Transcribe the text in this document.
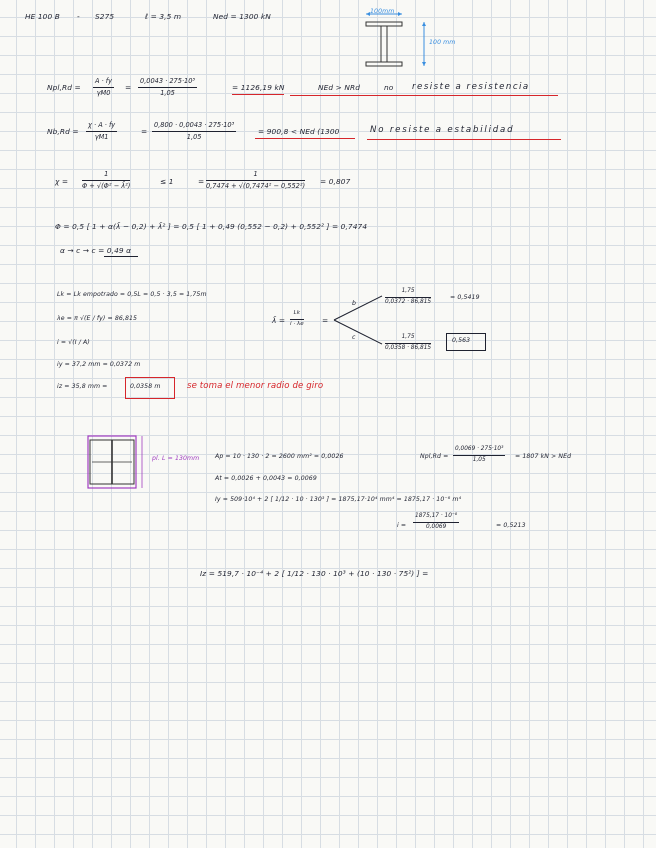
HE 100 B - S275	ℓ = 3,5 m	Ned = 1300 kN
100mm
100 mm
$Npl,Rd = \frac{A \cdot fy}{\gamma M0} = \frac{\text{0,0043 · 275·10³}}{1,05}$	= 1126,19 kN	NEd > NRd	no resiste a resistencia
$Nb,Rd = \frac{\chi \cdot A \cdot fy}{\gamma M1}$	= $\frac{\text{0,800 · 0,0043 · 275·10³}}{1,05}$	= 900,8 < NEd (1300	No resiste a estabilidad
$\chi = \frac{1}{\text{Φ + √(Φ² − λ̄²)}}$	≤ 1	= $\frac{1}{\text{0,7474 + √(0,7474² − 0,552²)}} = 0,807$
Φ = 0,5 [ 1 + α(λ̄ − 0,2) + λ̄² ] = 0,5 [ 1 + 0,49 (0,552 − 0,2) + 0,552² ] = 0,7474
α → c → c = 0,49 α
Lk = Lk empotrado = 0,5L = 0,5 · 3,5 = 1,75m
λe = π √(E / fy) = 86,815
i = √(I / A)
iy = 37,2 mm = 0,0372 m
iz = 35,8 mm =	0,0358 m	se toma el menor radio de giro
λ̄ = $\frac{Lk}{i \cdot \lambda e}$ =
b
c
$\frac{1,75}{0,0372 \cdot 86,815}$	= 0,5419
$\frac{1,75}{0,0358 \cdot 86,815}$	0,563
pl. L = 130mm	Ap = 10 · 130 · 2 = 2600 mm² = 0,0026
At = 0,0026 + 0,0043 = 0,0069
Iy = 509·10⁴ + 2 [ 1/12 · 10 · 130³ ] = 1875,17·10⁴ mm⁴ = 1875,17 · 10⁻⁸ m⁴
$Npl,Rd = \frac{\text{0,0069 · 275·10³}}{1,05} = 1807$ kN > NEd
$i = \frac{\text{1875,17 · 10⁻⁸}}{0,0069}$	= 0,5213
Iz = 519,7 · 10⁻⁴ + 2 [ 1/12 · 130 · 10³ + (10 · 130 · 75²) ] =
